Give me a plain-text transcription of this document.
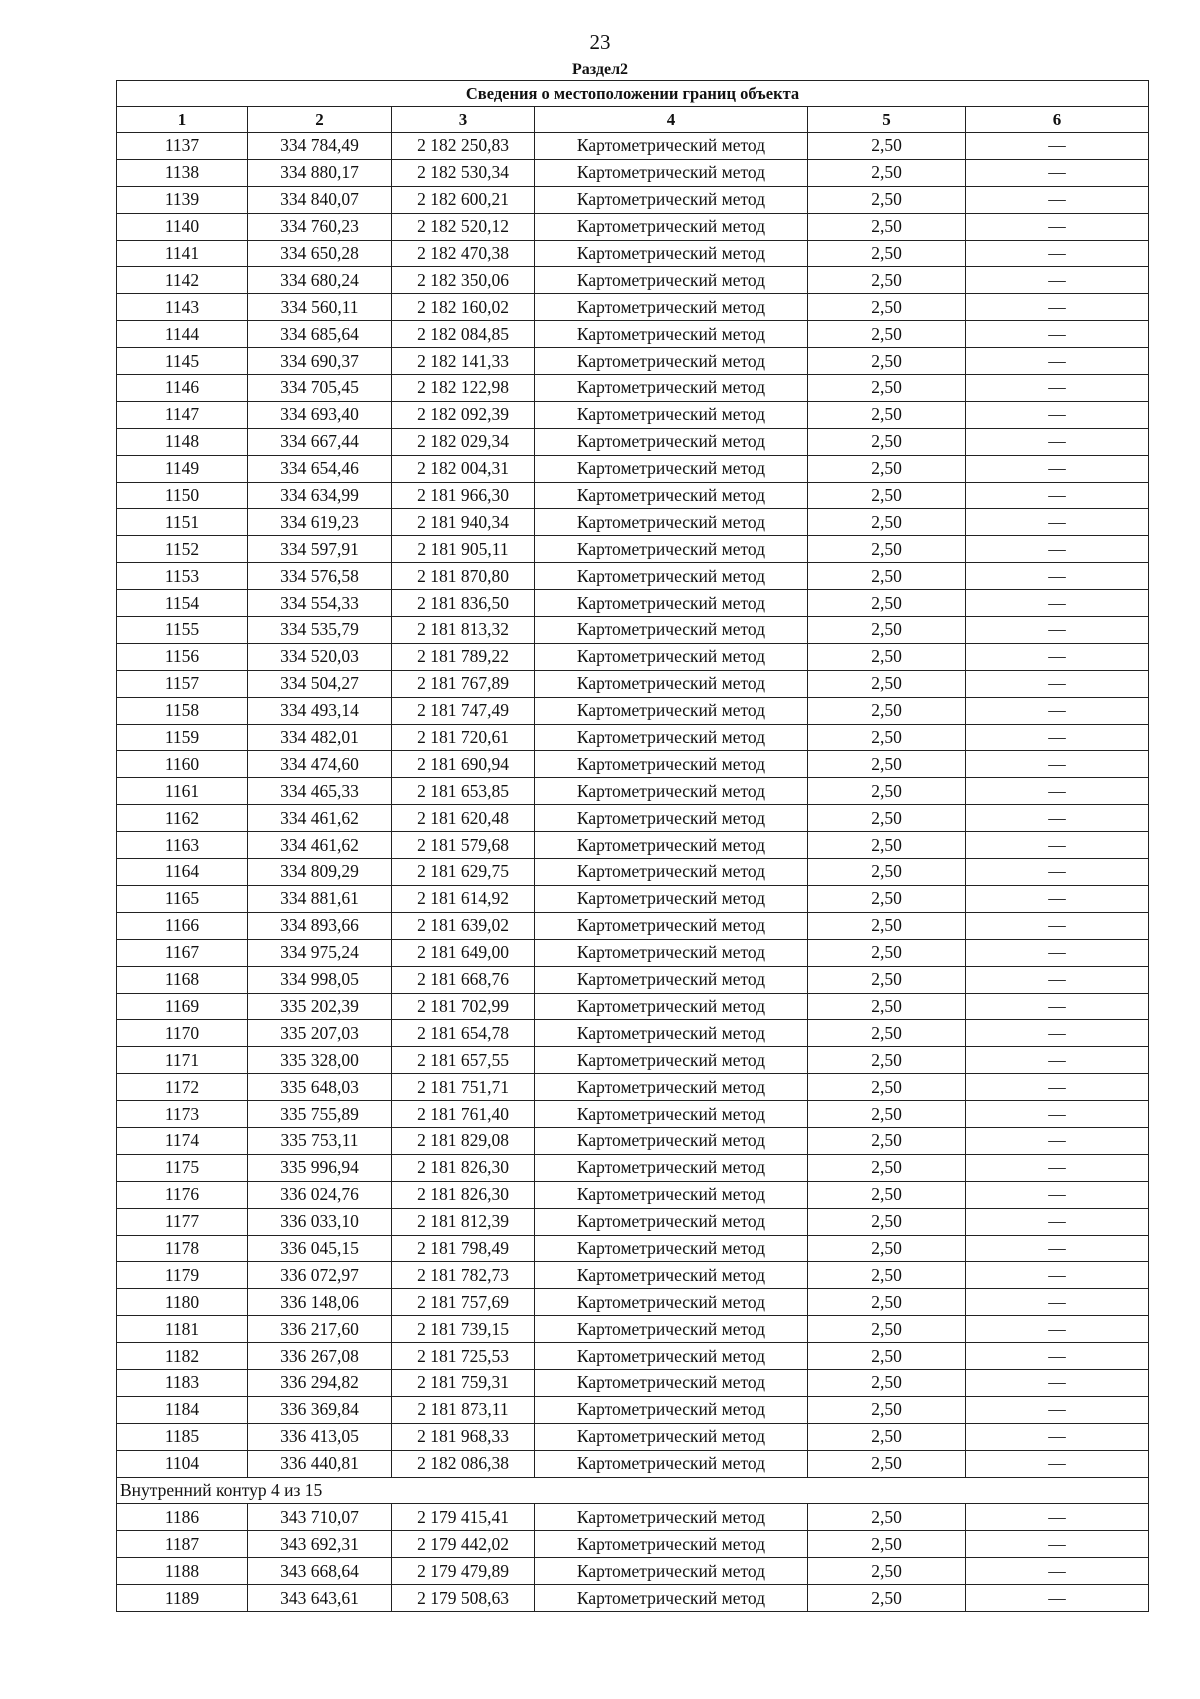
23
Раздел2
Сведения о местоположении границ объекта					
1	2	3	4	5	6
1137	334 784,49	2 182 250,83	Картометрический метод	2,50	—
1138	334 880,17	2 182 530,34	Картометрический метод	2,50	—
1139	334 840,07	2 182 600,21	Картометрический метод	2,50	—
1140	334 760,23	2 182 520,12	Картометрический метод	2,50	—
1141	334 650,28	2 182 470,38	Картометрический метод	2,50	—
1142	334 680,24	2 182 350,06	Картометрический метод	2,50	—
1143	334 560,11	2 182 160,02	Картометрический метод	2,50	—
1144	334 685,64	2 182 084,85	Картометрический метод	2,50	—
1145	334 690,37	2 182 141,33	Картометрический метод	2,50	—
1146	334 705,45	2 182 122,98	Картометрический метод	2,50	—
1147	334 693,40	2 182 092,39	Картометрический метод	2,50	—
1148	334 667,44	2 182 029,34	Картометрический метод	2,50	—
1149	334 654,46	2 182 004,31	Картометрический метод	2,50	—
1150	334 634,99	2 181 966,30	Картометрический метод	2,50	—
1151	334 619,23	2 181 940,34	Картометрический метод	2,50	—
1152	334 597,91	2 181 905,11	Картометрический метод	2,50	—
1153	334 576,58	2 181 870,80	Картометрический метод	2,50	—
1154	334 554,33	2 181 836,50	Картометрический метод	2,50	—
1155	334 535,79	2 181 813,32	Картометрический метод	2,50	—
1156	334 520,03	2 181 789,22	Картометрический метод	2,50	—
1157	334 504,27	2 181 767,89	Картометрический метод	2,50	—
1158	334 493,14	2 181 747,49	Картометрический метод	2,50	—
1159	334 482,01	2 181 720,61	Картометрический метод	2,50	—
1160	334 474,60	2 181 690,94	Картометрический метод	2,50	—
1161	334 465,33	2 181 653,85	Картометрический метод	2,50	—
1162	334 461,62	2 181 620,48	Картометрический метод	2,50	—
1163	334 461,62	2 181 579,68	Картометрический метод	2,50	—
1164	334 809,29	2 181 629,75	Картометрический метод	2,50	—
1165	334 881,61	2 181 614,92	Картометрический метод	2,50	—
1166	334 893,66	2 181 639,02	Картометрический метод	2,50	—
1167	334 975,24	2 181 649,00	Картометрический метод	2,50	—
1168	334 998,05	2 181 668,76	Картометрический метод	2,50	—
1169	335 202,39	2 181 702,99	Картометрический метод	2,50	—
1170	335 207,03	2 181 654,78	Картометрический метод	2,50	—
1171	335 328,00	2 181 657,55	Картометрический метод	2,50	—
1172	335 648,03	2 181 751,71	Картометрический метод	2,50	—
1173	335 755,89	2 181 761,40	Картометрический метод	2,50	—
1174	335 753,11	2 181 829,08	Картометрический метод	2,50	—
1175	335 996,94	2 181 826,30	Картометрический метод	2,50	—
1176	336 024,76	2 181 826,30	Картометрический метод	2,50	—
1177	336 033,10	2 181 812,39	Картометрический метод	2,50	—
1178	336 045,15	2 181 798,49	Картометрический метод	2,50	—
1179	336 072,97	2 181 782,73	Картометрический метод	2,50	—
1180	336 148,06	2 181 757,69	Картометрический метод	2,50	—
1181	336 217,60	2 181 739,15	Картометрический метод	2,50	—
1182	336 267,08	2 181 725,53	Картометрический метод	2,50	—
1183	336 294,82	2 181 759,31	Картометрический метод	2,50	—
1184	336 369,84	2 181 873,11	Картометрический метод	2,50	—
1185	336 413,05	2 181 968,33	Картометрический метод	2,50	—
1104	336 440,81	2 182 086,38	Картометрический метод	2,50	—
Внутренний контур 4 из 15					
1186	343 710,07	2 179 415,41	Картометрический метод	2,50	—
1187	343 692,31	2 179 442,02	Картометрический метод	2,50	—
1188	343 668,64	2 179 479,89	Картометрический метод	2,50	—
1189	343 643,61	2 179 508,63	Картометрический метод	2,50	—
